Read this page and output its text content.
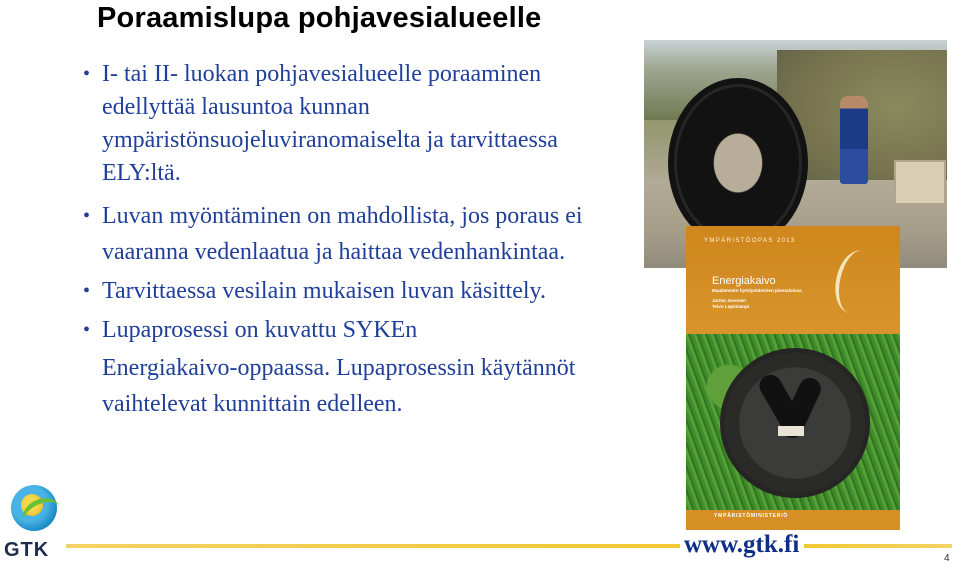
Poraamislupa pohjavesialueelle
• I- tai II- luokan pohjavesialueelle poraaminen edellyttää lausuntoa kunnan ympäristönsuojeluviranomaiselta ja tarvittaessa ELY:ltä.
• Luvan myöntäminen on mahdollista, jos poraus ei vaaranna vedenlaatua ja haittaa vedenhankintaa.
• Tarvittaessa vesilain mukaisen luvan käsittely.
• Lupaprosessi on kuvattu SYKEn
Energiakaivo-oppaassa. Lupaprosessin käytännöt vaihtelevat kunnittain edelleen.
YMPÄRISTÖOPAS 2013
Energiakaivo
Maalämmön hyödyntäminen pientaloissa
Jarmo Juvonen
Teivo Lapinlampi
YMPÄRISTÖMINISTERIÖ
GTK	www.gtk.fi
4
